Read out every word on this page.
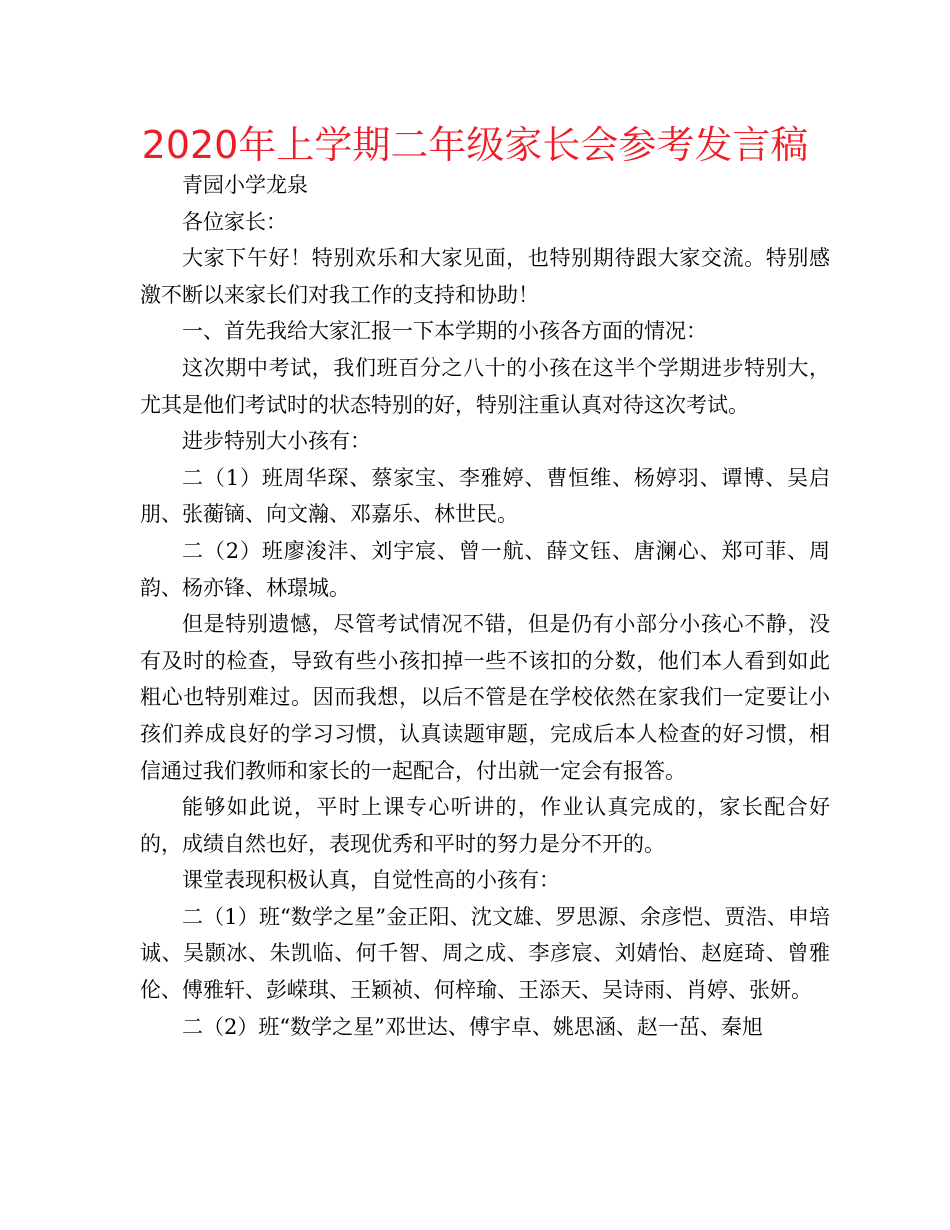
2020年上学期二年级家长会参考发言稿

青园小学龙泉

各位家长：

大家下午好！特别欢乐和大家见面，也特别期待跟大家交流。特别感激不断以来家长们对我工作的支持和协助！

一、首先我给大家汇报一下本学期的小孩各方面的情况：

这次期中考试，我们班百分之八十的小孩在这半个学期进步特别大，尤其是他们考试时的状态特别的好，特别注重认真对待这次考试。

进步特别大小孩有：

二（1）班周华琛、蔡家宝、李雅婷、曹恒维、杨婷羽、谭博、吴启朋、张蘅镝、向文瀚、邓嘉乐、林世民。

二（2）班廖浚沣、刘宇宸、曾一航、薛文钰、唐澜心、郑可菲、周韵、杨亦锋、林璟城。

但是特别遗憾，尽管考试情况不错，但是仍有小部分小孩心不静，没有及时的检查，导致有些小孩扣掉一些不该扣的分数，他们本人看到如此粗心也特别难过。因而我想，以后不管是在学校依然在家我们一定要让小孩们养成良好的学习习惯，认真读题审题，完成后本人检查的好习惯，相信通过我们教师和家长的一起配合，付出就一定会有报答。

能够如此说，平时上课专心听讲的，作业认真完成的，家长配合好的，成绩自然也好，表现优秀和平时的努力是分不开的。

课堂表现积极认真，自觉性高的小孩有：

二（1）班“数学之星”金正阳、沈文雄、罗思源、余彦恺、贾浩、申培诚、吴颢冰、朱凯临、何千智、周之成、李彦宸、刘婧怡、赵庭琦、曾雅伦、傅雅轩、彭嵘琪、王颖祯、何梓瑜、王添天、吴诗雨、肖婷、张妍。

二（2）班“数学之星”邓世达、傅宇卓、姚思涵、赵一茁、秦旭
